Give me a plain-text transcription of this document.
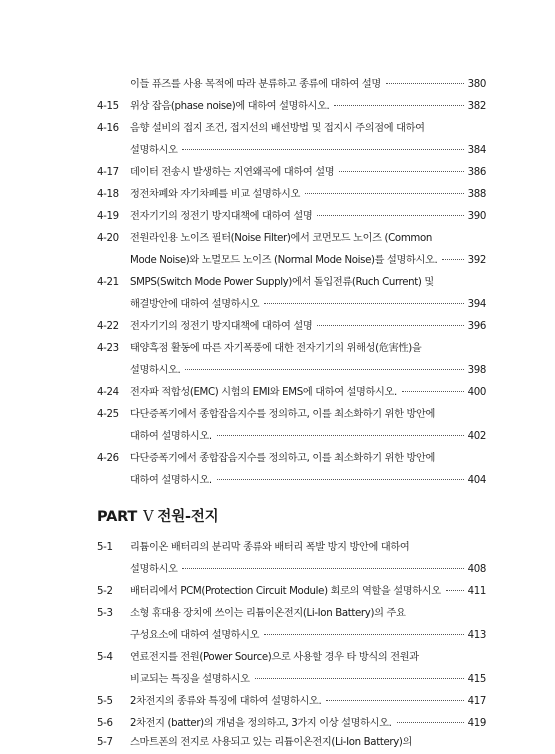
이들 퓨즈를 사용 목적에 따라 분류하고 종류에 대하여 설명	380
4-15	위상 잡음(phase noise)에 대하여 설명하시오.	382
4-16	음향 설비의 접지 조건, 접지선의 배선방법 및 접지시 주의점에 대하여
설명하시오	384
4-17	데이터 전송시 발생하는 지연왜곡에 대하여 설명	386
4-18	정전차폐와 자기차폐를 비교 설명하시오	388
4-19	전자기기의 정전기 방지대책에 대하여 설명	390
4-20	전원라인용 노이즈 필터(Noise Filter)에서 코먼모드 노이즈 (Common
Mode Noise)와 노멀모드 노이즈 (Normal Mode Noise)를 설명하시오.	392
4-21	SMPS(Switch Mode Power Supply)에서 돌입전류(Ruch Current) 및
해결방안에 대하여 설명하시오	394
4-22	전자기기의 정전기 방지대책에 대하여 설명	396
4-23	태양흑점 활동에 따른 자기폭풍에 대한 전자기기의 위해성(危害性)을
설명하시오.	398
4-24	전자파 적합성(EMC) 시험의 EMI와 EMS에 대하여 설명하시오.	400
4-25	다단증폭기에서 종합잡음지수를 정의하고, 이를 최소화하기 위한 방안에
대하여 설명하시오.	402
4-26	다단증폭기에서 종합잡음지수를 정의하고, 이를 최소화하기 위한 방안에
대하여 설명하시오.	404
PART V 전원-전지
5-1	리튬이온 배터리의 분리막 종류와 배터리 폭발 방지 방안에 대하여
설명하시오	408
5-2	배터리에서 PCM(Protection Circuit Module) 회로의 역할을 설명하시오	411
5-3	소형 휴대용 장치에 쓰이는 리튬이온전지(Li-Ion Battery)의 주요
구성요소에 대하여 설명하시오	413
5-4	연료전지를 전원(Power Source)으로 사용할 경우 타 방식의 전원과
비교되는 특징을 설명하시오	415
5-5	2차전지의 종류와 특징에 대하여 설명하시오.	417
5-6	2차전지 (batter)의 개념을 정의하고, 3가지 이상 설명하시오.	419
5-7	스마트폰의 전지로 사용되고 있는 리튬이온전지(Li-Ion Battery)의
